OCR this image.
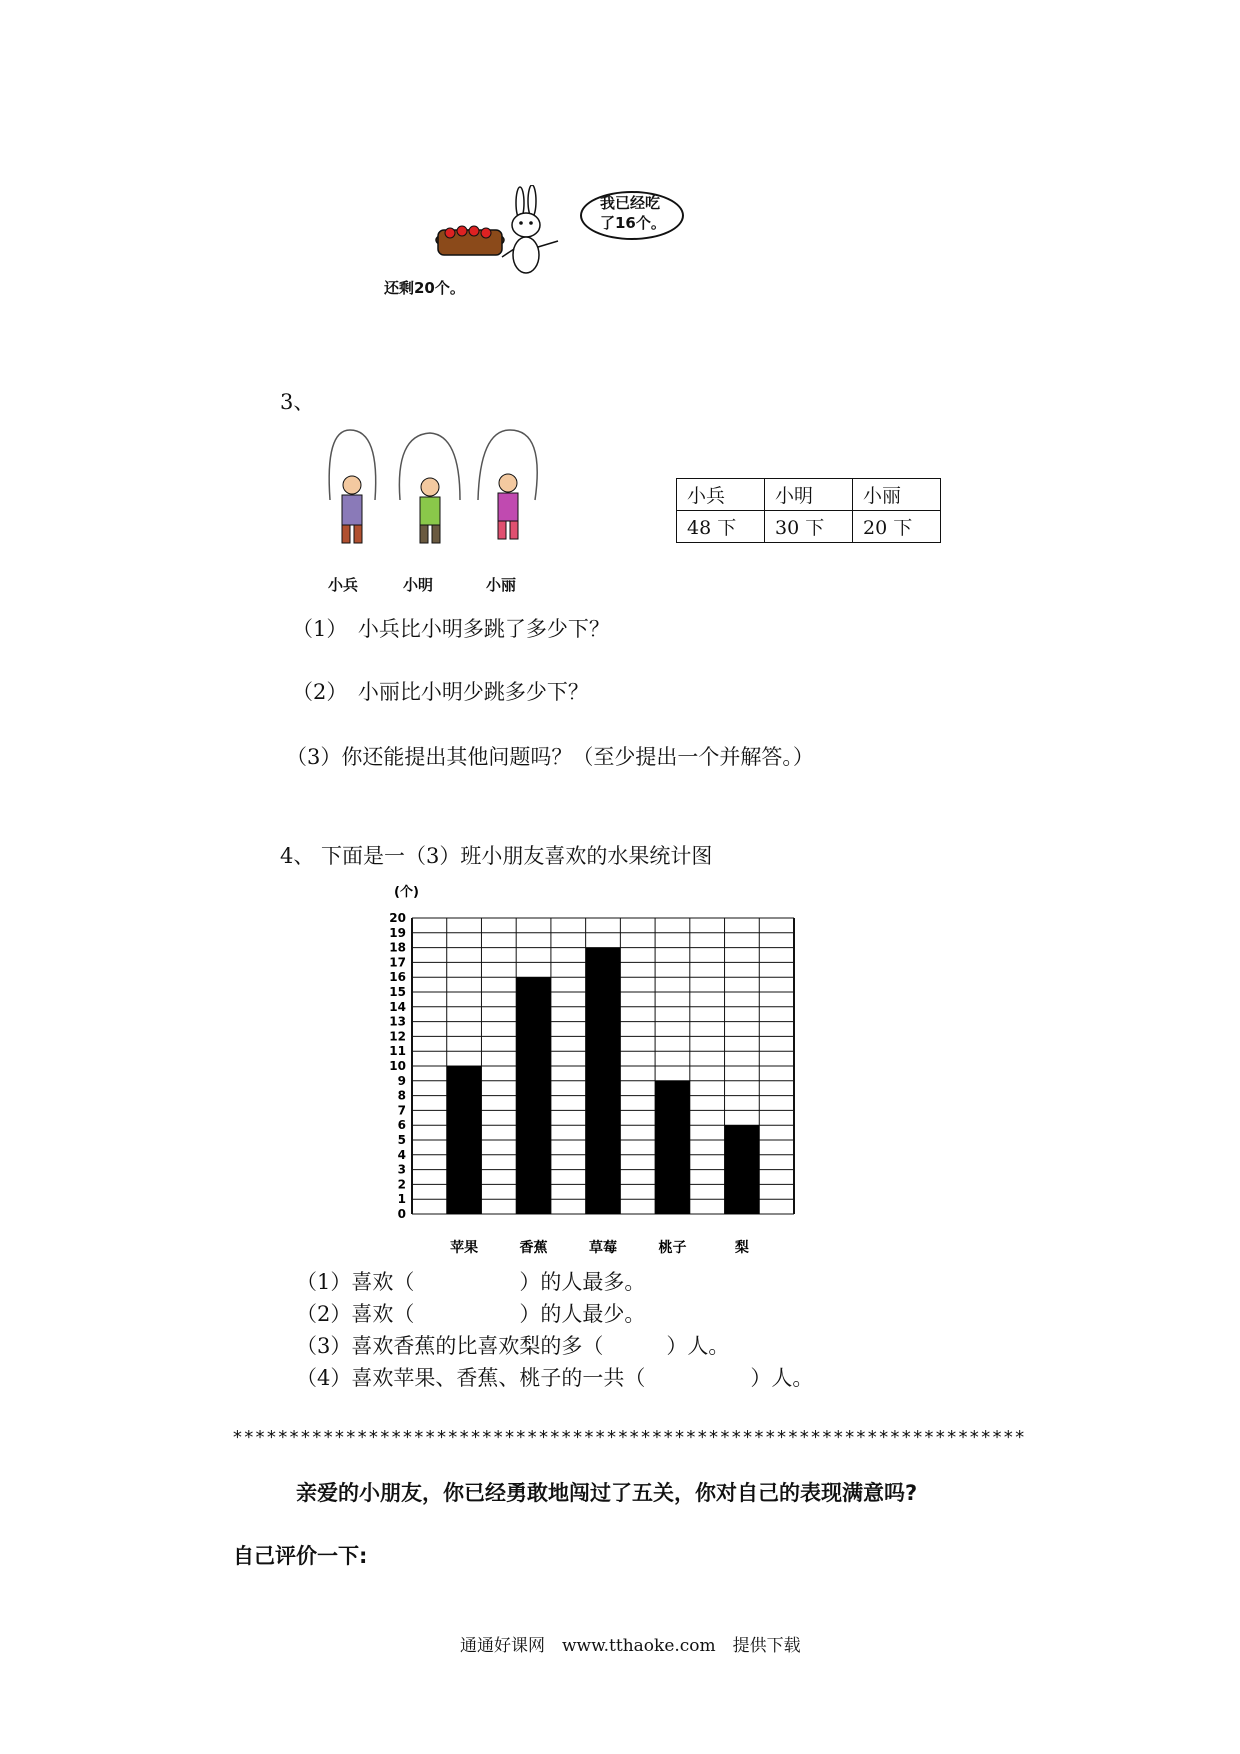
我已经吃了16个。
还剩20个。
3、
小兵	小明	小丽
小兵	小明	小丽
48 下	30 下	20 下
（1）　小兵比小明多跳了多少下？
（2）　小丽比小明少跳多少下？
（3）你还能提出其他问题吗？（至少提出一个并解答。）
4、 下面是一（3）班小朋友喜欢的水果统计图
(个)
0
1
2
3
4
5
6
7
8
9
10
11
12
13
14
15
16
17
18
19
20
苹果	香蕉	草莓	桃子	梨
（1）喜欢（　　　　　）的人最多。
（2）喜欢（　　　　　）的人最少。
（3）喜欢香蕉的比喜欢梨的多（　　　）人。
（4）喜欢苹果、香蕉、桃子的一共（　　　　　）人。
**********************************************************************
亲爱的小朋友，你已经勇敢地闯过了五关，你对自己的表现满意吗?
自己评价一下:
通通好课网　www.tthaoke.com　提供下载
